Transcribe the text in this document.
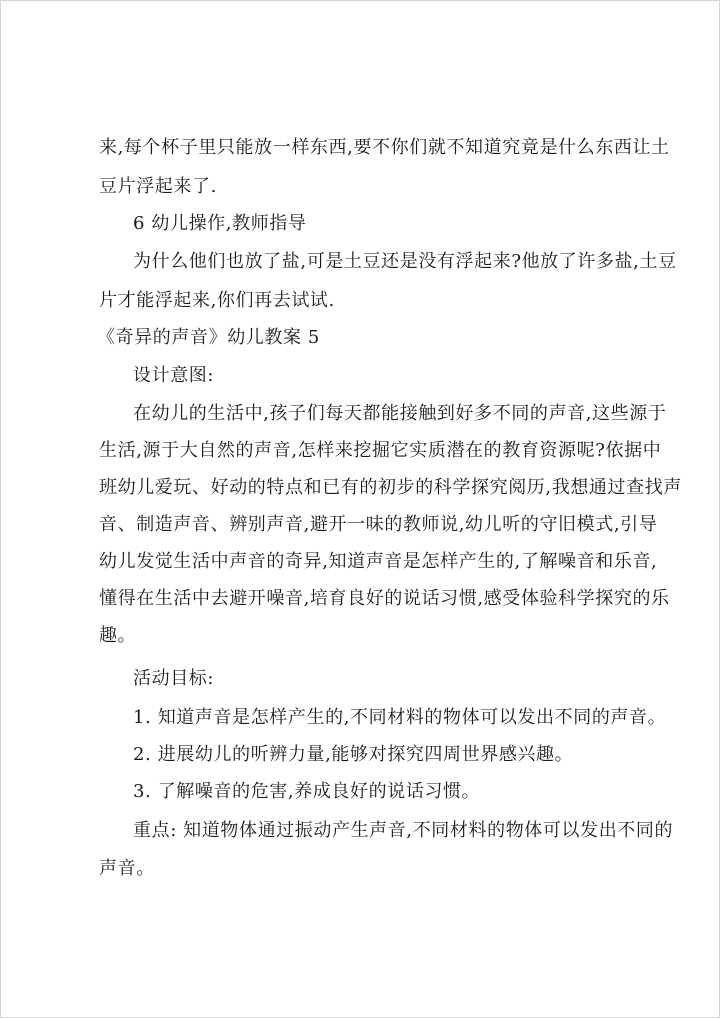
来,每个杯子里只能放一样东西,要不你们就不知道究竟是什么东西让土
豆片浮起来了.
6 幼儿操作,教师指导
为什么他们也放了盐,可是土豆还是没有浮起来?他放了许多盐,土豆
片才能浮起来,你们再去试试.
《奇异的声音》幼儿教案 5
设计意图:
在幼儿的生活中,孩子们每天都能接触到好多不同的声音,这些源于
生活,源于大自然的声音,怎样来挖掘它实质潜在的教育资源呢?依据中
班幼儿爱玩、好动的特点和已有的初步的科学探究阅历,我想通过查找声
音、制造声音、辨别声音,避开一味的教师说,幼儿听的守旧模式,引导
幼儿发觉生活中声音的奇异,知道声音是怎样产生的,了解噪音和乐音,
懂得在生活中去避开噪音,培育良好的说话习惯,感受体验科学探究的乐
趣。
活动目标:
1. 知道声音是怎样产生的,不同材料的物体可以发出不同的声音。
2. 进展幼儿的听辨力量,能够对探究四周世界感兴趣。
3. 了解噪音的危害,养成良好的说话习惯。
重点: 知道物体通过振动产生声音,不同材料的物体可以发出不同的
声音。
